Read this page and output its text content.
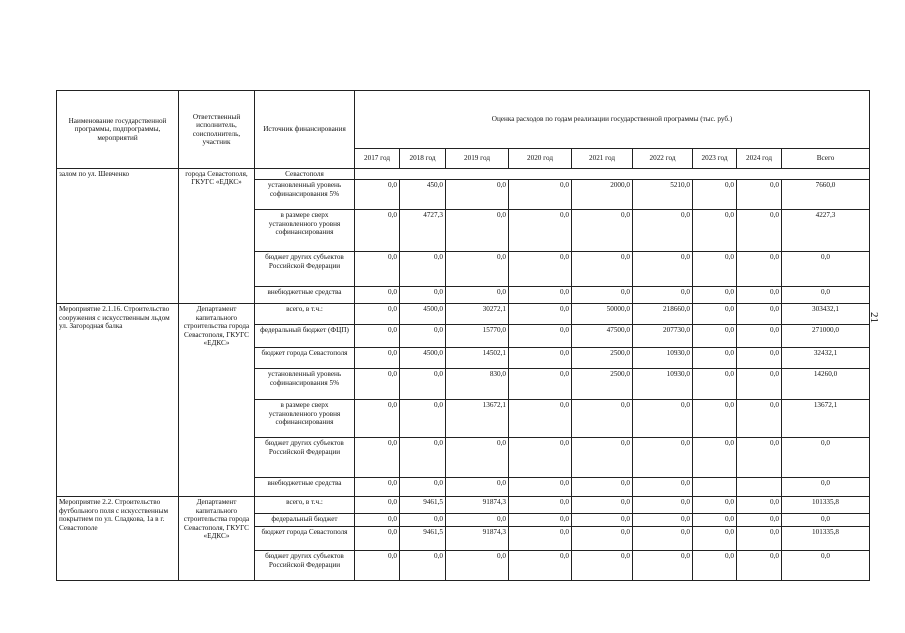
Наименование государственной программы, подпрограммы, мероприятий	Ответственный исполнитель, соисполнитель, участник	Источник финансирования	Оценка расходов по годам реализации государственной программы (тыс. руб.)								
			2017 год	2018 год	2019 год	2020 год	2021 год	2022 год	2023 год	2024 год	Всего
залом по ул. Шевченко	города Севастополя, ГКУГС «ЕДКС»	Севастополя									
		установленный уровень софинансирования 5%	0,0	450,0	0,0	0,0	2000,0	5210,0	0,0	0,0	7660,0
		в размере сверх установленного уровня софинансирования	0,0	4727,3	0,0	0,0	0,0	0,0	0,0	0,0	4227,3
		бюджет других субъектов Российской Федерации	0,0	0,0	0,0	0,0	0,0	0,0	0,0	0,0	0,0
		внебюджетные средства	0,0	0,0	0,0	0,0	0,0	0,0	0,0	0,0	0,0
Мероприятие 2.1.16. Строительство сооружения с искусственным льдом ул. Загородная балка	Департамент капитального строительства города Севастополя, ГКУГС «ЕДКС»	всего, в т.ч.:	0,0	4500,0	30272,1	0,0	50000,0	218660,0	0,0	0,0	303432,1
		федеральный бюджет (ФЦП)	0,0	0,0	15770,0	0,0	47500,0	207730,0	0,0	0,0	271000,0
		бюджет города Севастополя	0,0	4500,0	14502,1	0,0	2500,0	10930,0	0,0	0,0	32432,1
		установленный уровень софинансирования 5%	0,0	0,0	830,0	0,0	2500,0	10930,0	0,0	0,0	14260,0
		в размере сверх установленного уровня софинансирования	0,0	0,0	13672,1	0,0	0,0	0,0	0,0	0,0	13672,1
		бюджет других субъектов Российской Федерации	0,0	0,0	0,0	0,0	0,0	0,0	0,0	0,0	0,0
		внебюджетные средства	0,0	0,0	0,0	0,0	0,0	0,0			0,0
Мероприятие 2.2. Строительство футбольного поля с искусственным покрытием по ул. Сладкова, 1а в г. Севастополе	Департамент капитального строительства города Севастополя, ГКУГС «ЕДКС»	всего, в т.ч.:	0,0	9461,5	91874,3	0,0	0,0	0,0	0,0	0,0	101335,8
		федеральный бюджет	0,0	0,0	0,0	0,0	0,0	0,0	0,0	0,0	0,0
		бюджет города Севастополя	0,0	9461,5	91874,3	0,0	0,0	0,0	0,0	0,0	101335,8
		бюджет других субъектов Российской Федерации	0,0	0,0	0,0	0,0	0,0	0,0	0,0	0,0	0,0
21
